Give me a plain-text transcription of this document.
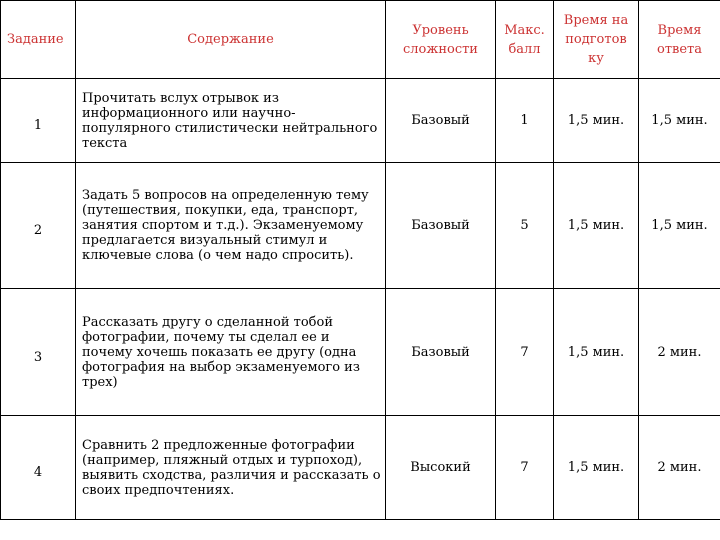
Задание	Содержание	Уровень сложности	Макс. балл	Время на подготов ку	Время ответа
1	Прочитать вслух отрывок из информационного или научно-популярного стилистически нейтрального текста	Базовый	1	1,5 мин.	1,5 мин.
2	Задать 5 вопросов на определенную тему (путешествия, покупки, еда, транспорт, занятия спортом и т.д.). Экзаменуемому предлагается визуальный стимул и ключевые слова (о чем надо спросить).	Базовый	5	1,5 мин.	1,5 мин.
3	Рассказать другу о сделанной тобой фотографии, почему ты сделал ее и почему хочешь показать ее другу (одна фотография на выбор экзаменуемого из трех)	Базовый	7	1,5 мин.	2 мин.
4	Сравнить 2 предложенные фотографии (например, пляжный отдых и турпоход), выявить сходства, различия и рассказать о своих предпочтениях.	Высокий	7	1,5 мин.	2 мин.
